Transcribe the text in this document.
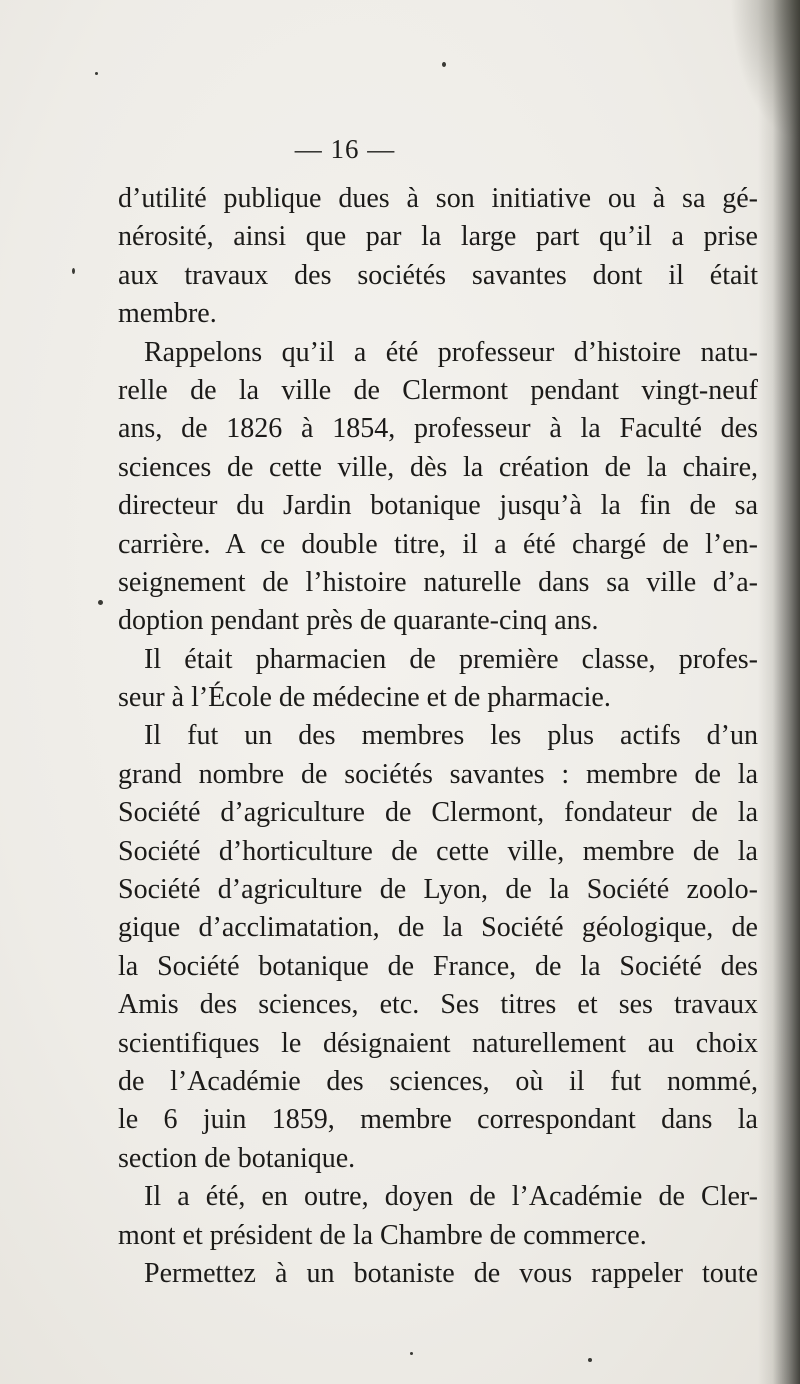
— 16 —
d’utilité publique dues à son initiative ou à sa gé-
nérosité, ainsi que par la large part qu’il a prise
aux travaux des sociétés savantes dont il était
membre.
Rappelons qu’il a été professeur d’histoire natu-
relle de la ville de Clermont pendant vingt-neuf
ans, de 1826 à 1854, professeur à la Faculté des
sciences de cette ville, dès la création de la chaire,
directeur du Jardin botanique jusqu’à la fin de sa
carrière. A ce double titre, il a été chargé de l’en-
seignement de l’histoire naturelle dans sa ville d’a-
doption pendant près de quarante-cinq ans.
Il était pharmacien de première classe, profes-
seur à l’École de médecine et de pharmacie.
Il fut un des membres les plus actifs d’un
grand nombre de sociétés savantes : membre de la
Société d’agriculture de Clermont, fondateur de la
Société d’horticulture de cette ville, membre de la
Société d’agriculture de Lyon, de la Société zoolo-
gique d’acclimatation, de la Société géologique, de
la Société botanique de France, de la Société des
Amis des sciences, etc. Ses titres et ses travaux
scientifiques le désignaient naturellement au choix
de l’Académie des sciences, où il fut nommé,
le 6 juin 1859, membre correspondant dans la
section de botanique.
Il a été, en outre, doyen de l’Académie de Cler-
mont et président de la Chambre de commerce.
Permettez à un botaniste de vous rappeler toute
